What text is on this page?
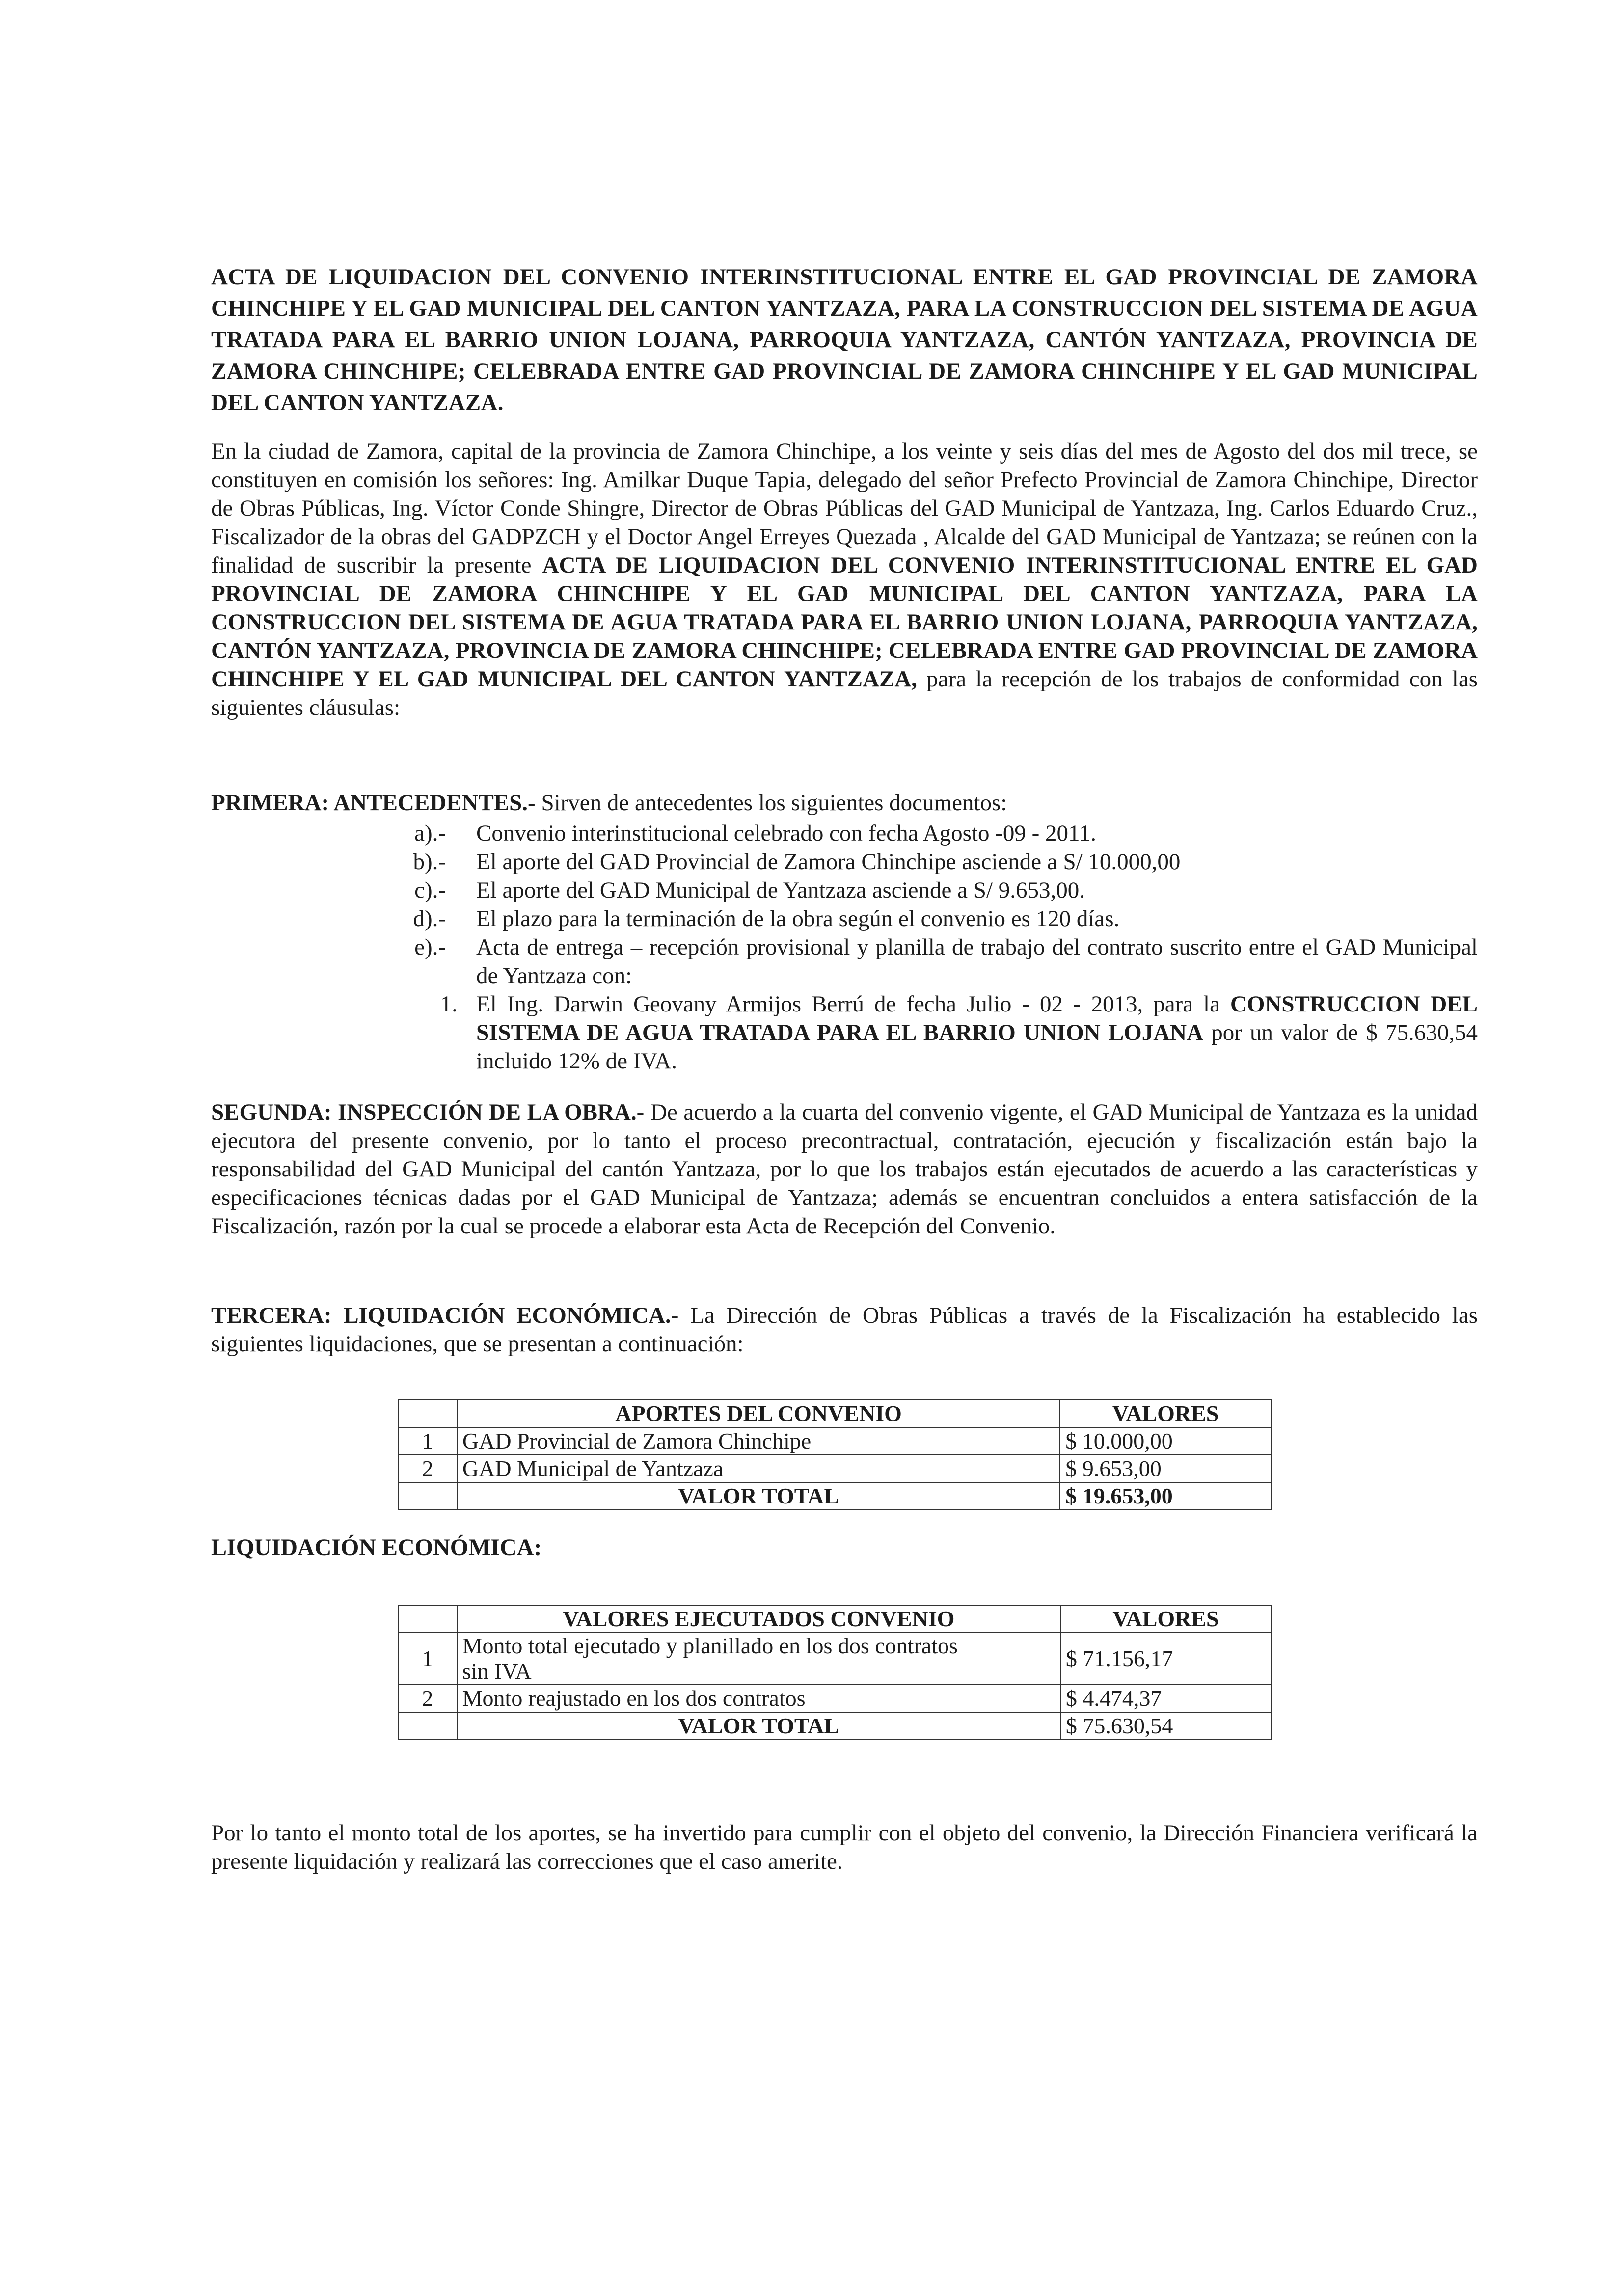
ACTA DE LIQUIDACION DEL CONVENIO INTERINSTITUCIONAL ENTRE EL GAD PROVINCIAL DE ZAMORA CHINCHIPE Y EL GAD MUNICIPAL DEL CANTON YANTZAZA, PARA LA CONSTRUCCION DEL SISTEMA DE AGUA TRATADA PARA EL BARRIO UNION LOJANA, PARROQUIA YANTZAZA, CANTÓN YANTZAZA, PROVINCIA DE ZAMORA CHINCHIPE; CELEBRADA ENTRE GAD PROVINCIAL DE ZAMORA CHINCHIPE Y EL GAD MUNICIPAL DEL CANTON YANTZAZA.
En la ciudad de Zamora, capital de la provincia de Zamora Chinchipe, a los veinte y seis días del mes de Agosto del dos mil trece, se constituyen en comisión los señores: Ing. Amilkar Duque Tapia, delegado del señor Prefecto Provincial de Zamora Chinchipe, Director de Obras Públicas, Ing. Víctor Conde Shingre, Director de Obras Públicas del GAD Municipal de Yantzaza, Ing. Carlos Eduardo Cruz., Fiscalizador de la obras del GADPZCH y el Doctor Angel Erreyes Quezada , Alcalde del GAD Municipal de Yantzaza; se reúnen con la finalidad de suscribir la presente ACTA DE LIQUIDACION DEL CONVENIO INTERINSTITUCIONAL ENTRE EL GAD PROVINCIAL DE ZAMORA CHINCHIPE Y EL GAD MUNICIPAL DEL CANTON YANTZAZA, PARA LA CONSTRUCCION DEL SISTEMA DE AGUA TRATADA PARA EL BARRIO UNION LOJANA, PARROQUIA YANTZAZA, CANTÓN YANTZAZA, PROVINCIA DE ZAMORA CHINCHIPE; CELEBRADA ENTRE GAD PROVINCIAL DE ZAMORA CHINCHIPE Y EL GAD MUNICIPAL DEL CANTON YANTZAZA, para la recepción de los trabajos de conformidad con las siguientes cláusulas:
PRIMERA: ANTECEDENTES.- Sirven de antecedentes los siguientes documentos:
a).-	Convenio interinstitucional celebrado con fecha Agosto -09 - 2011.
b).-	El aporte del GAD Provincial de Zamora Chinchipe asciende a S/ 10.000,00
c).-	El aporte del GAD Municipal de Yantzaza asciende a S/ 9.653,00.
d).-	El plazo para la terminación de la obra según el convenio es 120 días.
e).-	Acta de entrega – recepción provisional y planilla de trabajo del contrato suscrito entre el GAD Municipal de Yantzaza con:
1. El Ing. Darwin Geovany Armijos Berrú de fecha Julio - 02 - 2013, para la CONSTRUCCION DEL SISTEMA DE AGUA TRATADA PARA EL BARRIO UNION LOJANA por un valor de $ 75.630,54 incluido 12% de IVA.
SEGUNDA: INSPECCIÓN DE LA OBRA.- De acuerdo a la cuarta del convenio vigente, el GAD Municipal de Yantzaza es la unidad ejecutora del presente convenio, por lo tanto el proceso precontractual, contratación, ejecución y fiscalización están bajo la responsabilidad del GAD Municipal del cantón Yantzaza, por lo que los trabajos están ejecutados de acuerdo a las características y especificaciones técnicas dadas por el GAD Municipal de Yantzaza; además se encuentran concluidos a entera satisfacción de la Fiscalización, razón por la cual se procede a elaborar esta Acta de Recepción del Convenio.
TERCERA: LIQUIDACIÓN ECONÓMICA.- La Dirección de Obras Públicas a través de la Fiscalización ha establecido las siguientes liquidaciones, que se presentan a continuación:
	APORTES DEL CONVENIO	VALORES
1	GAD Provincial de Zamora Chinchipe	$ 10.000,00
2	GAD Municipal de Yantzaza	$ 9.653,00
	VALOR TOTAL	$ 19.653,00
LIQUIDACIÓN ECONÓMICA:
	VALORES EJECUTADOS CONVENIO	VALORES
1	Monto total ejecutado y planillado en los dos contratos sin IVA	$ 71.156,17
2	Monto reajustado en los dos contratos	$ 4.474,37
	VALOR TOTAL	$ 75.630,54
Por lo tanto el monto total de los aportes, se ha invertido para cumplir con el objeto del convenio, la Dirección Financiera verificará la presente liquidación y realizará las correcciones que el caso amerite.
